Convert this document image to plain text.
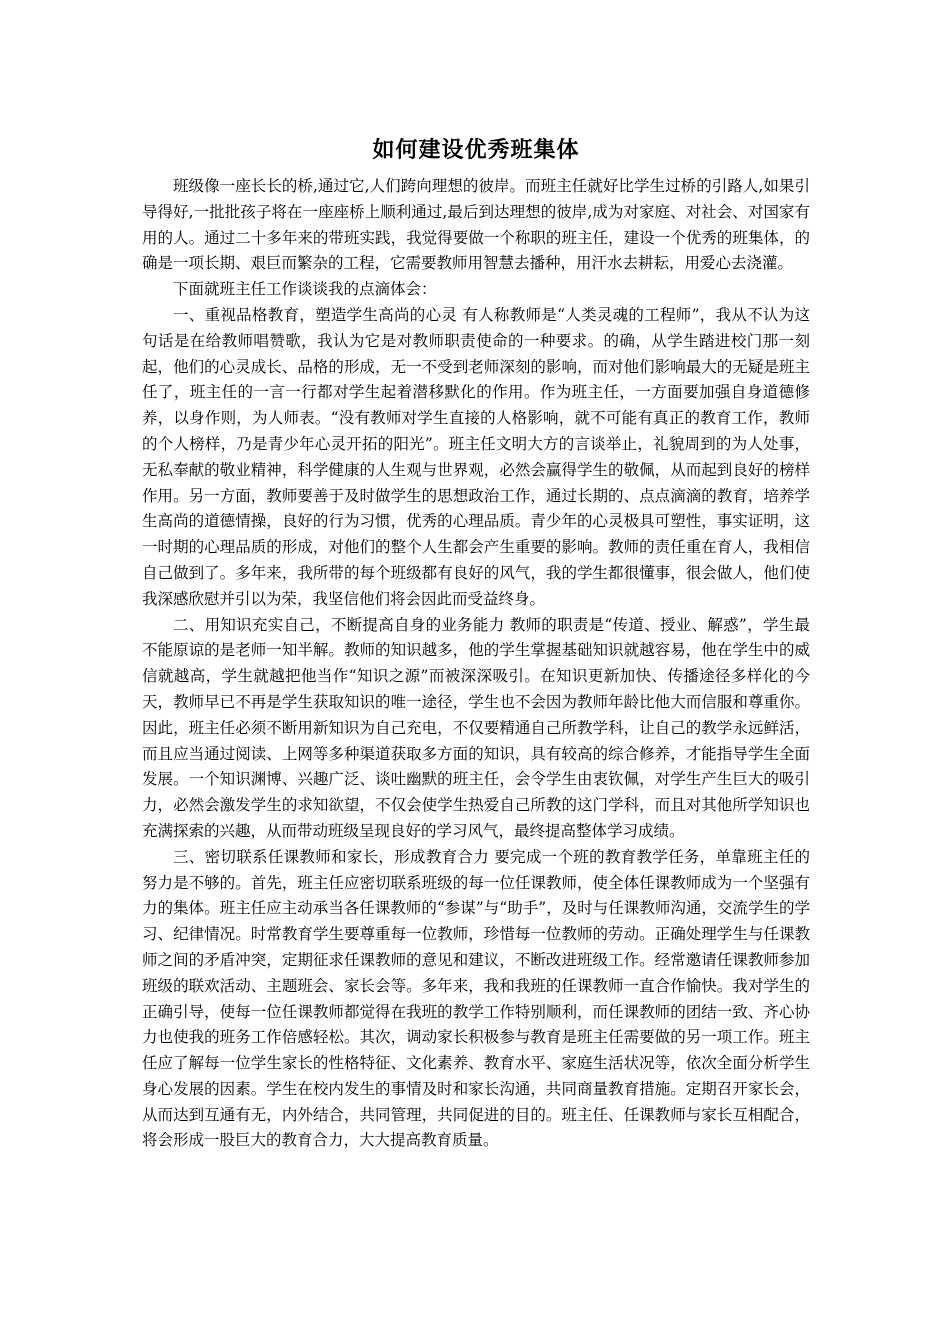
如何建设优秀班集体

班级像一座长长的桥,通过它,人们跨向理想的彼岸。而班主任就好比学生过桥的引路人,如果引导得好,一批批孩子将在一座座桥上顺利通过,最后到达理想的彼岸,成为对家庭、对社会、对国家有用的人。通过二十多年来的带班实践，我觉得要做一个称职的班主任，建设一个优秀的班集体，的确是一项长期、艰巨而繁杂的工程，它需要教师用智慧去播种，用汗水去耕耘，用爱心去浇灌。

下面就班主任工作谈谈我的点滴体会：

一、重视品格教育，塑造学生高尚的心灵 有人称教师是“人类灵魂的工程师”，我从不认为这句话是在给教师唱赞歌，我认为它是对教师职责使命的一种要求。的确，从学生踏进校门那一刻起，他们的心灵成长、品格的形成，无一不受到老师深刻的影响，而对他们影响最大的无疑是班主任了，班主任的一言一行都对学生起着潜移默化的作用。作为班主任，一方面要加强自身道德修养，以身作则，为人师表。“没有教师对学生直接的人格影响，就不可能有真正的教育工作，教师的个人榜样，乃是青少年心灵开拓的阳光”。班主任文明大方的言谈举止，礼貌周到的为人处事，无私奉献的敬业精神，科学健康的人生观与世界观，必然会赢得学生的敬佩，从而起到良好的榜样作用。另一方面，教师要善于及时做学生的思想政治工作，通过长期的、点点滴滴的教育，培养学生高尚的道德情操，良好的行为习惯，优秀的心理品质。青少年的心灵极具可塑性，事实证明，这一时期的心理品质的形成，对他们的整个人生都会产生重要的影响。教师的责任重在育人，我相信自己做到了。多年来，我所带的每个班级都有良好的风气，我的学生都很懂事，很会做人，他们使我深感欣慰并引以为荣，我坚信他们将会因此而受益终身。

二、用知识充实自己，不断提高自身的业务能力 教师的职责是“传道、授业、解惑”，学生最不能原谅的是老师一知半解。教师的知识越多，他的学生掌握基础知识就越容易，他在学生中的威信就越高，学生就越把他当作“知识之源”而被深深吸引。在知识更新加快、传播途径多样化的今天，教师早已不再是学生获取知识的唯一途径，学生也不会因为教师年龄比他大而信服和尊重你。因此，班主任必须不断用新知识为自己充电，不仅要精通自己所教学科，让自己的教学永远鲜活，而且应当通过阅读、上网等多种渠道获取多方面的知识，具有较高的综合修养，才能指导学生全面发展。一个知识渊博、兴趣广泛、谈吐幽默的班主任，会令学生由衷钦佩，对学生产生巨大的吸引力，必然会激发学生的求知欲望，不仅会使学生热爱自己所教的这门学科，而且对其他所学知识也充满探索的兴趣，从而带动班级呈现良好的学习风气，最终提高整体学习成绩。

三、密切联系任课教师和家长，形成教育合力 要完成一个班的教育教学任务，单靠班主任的努力是不够的。首先，班主任应密切联系班级的每一位任课教师，使全体任课教师成为一个坚强有力的集体。班主任应主动承当各任课教师的“参谋”与“助手”，及时与任课教师沟通，交流学生的学习、纪律情况。时常教育学生要尊重每一位教师，珍惜每一位教师的劳动。正确处理学生与任课教师之间的矛盾冲突，定期征求任课教师的意见和建议，不断改进班级工作。经常邀请任课教师参加班级的联欢活动、主题班会、家长会等。多年来，我和我班的任课教师一直合作愉快。我对学生的正确引导，使每一位任课教师都觉得在我班的教学工作特别顺利，而任课教师的团结一致、齐心协力也使我的班务工作倍感轻松。其次，调动家长积极参与教育是班主任需要做的另一项工作。班主任应了解每一位学生家长的性格特征、文化素养、教育水平、家庭生活状况等，依次全面分析学生身心发展的因素。学生在校内发生的事情及时和家长沟通，共同商量教育措施。定期召开家长会，从而达到互通有无，内外结合，共同管理，共同促进的目的。班主任、任课教师与家长互相配合，将会形成一股巨大的教育合力，大大提高教育质量。
